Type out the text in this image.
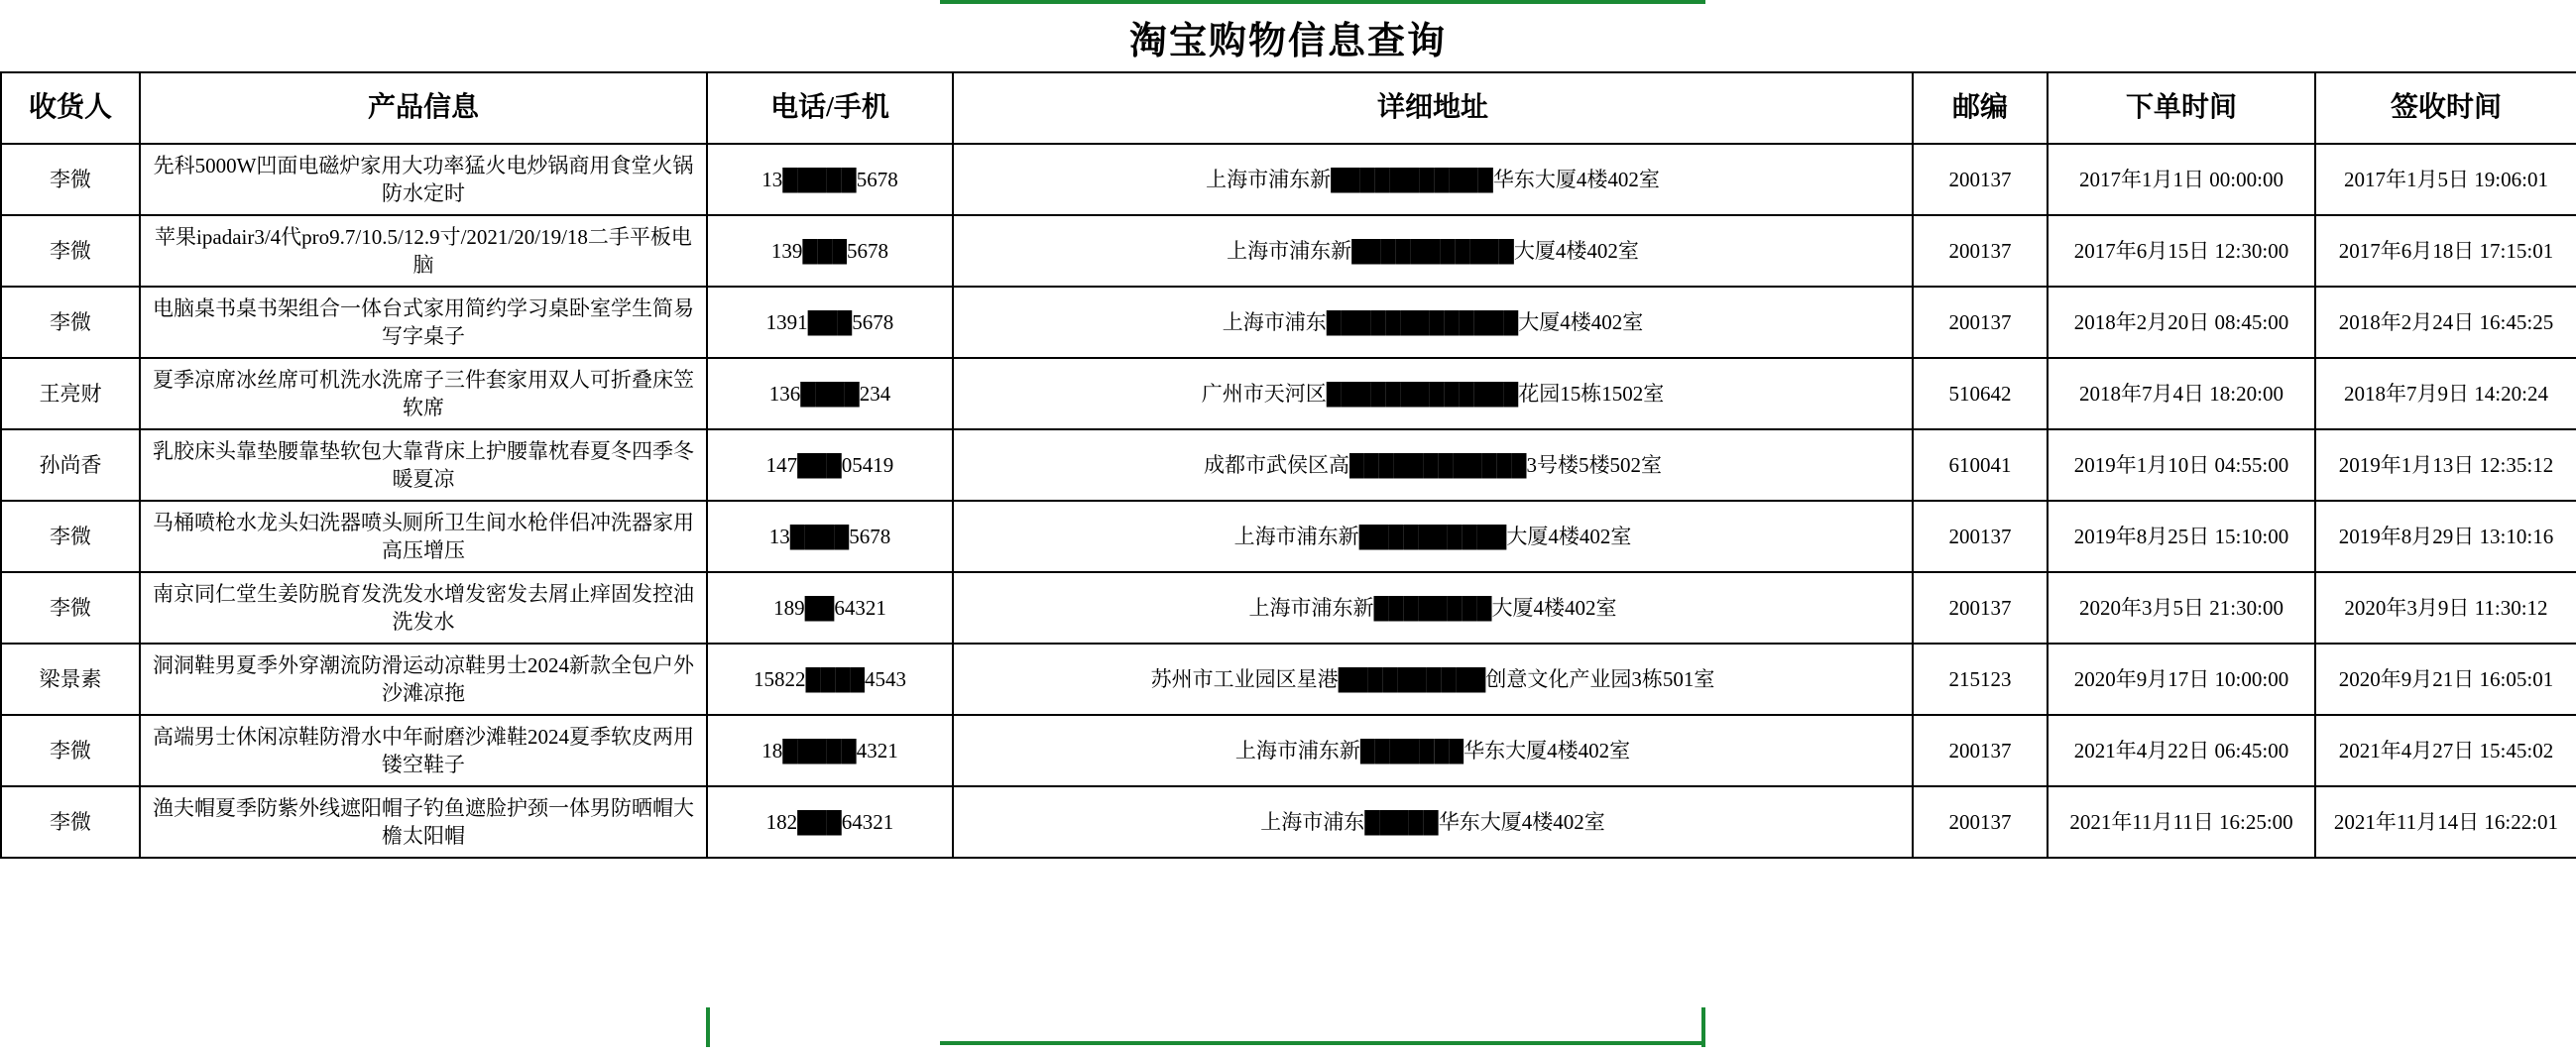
淘宝购物信息查询
收货人	产品信息	电话/手机	详细地址	邮编	下单时间	签收时间
李微	先科5000W凹面电磁炉家用大功率猛火电炒锅商用食堂火锅防水定时	13█████5678	上海市浦东新███████████华东大厦4楼402室	200137	2017年1月1日 00:00:00	2017年1月5日 19:06:01
李微	苹果ipadair3/4代pro9.7/10.5/12.9寸/2021/20/19/18二手平板电脑	139███5678	上海市浦东新███████████大厦4楼402室	200137	2017年6月15日 12:30:00	2017年6月18日 17:15:01
李微	电脑桌书桌书架组合一体台式家用简约学习桌卧室学生简易写字桌子	1391███5678	上海市浦东█████████████大厦4楼402室	200137	2018年2月20日 08:45:00	2018年2月24日 16:45:25
王亮财	夏季凉席冰丝席可机洗水洗席子三件套家用双人可折叠床笠软席	136████234	广州市天河区█████████████花园15栋1502室	510642	2018年7月4日 18:20:00	2018年7月9日 14:20:24
孙尚香	乳胶床头靠垫腰靠垫软包大靠背床上护腰靠枕春夏冬四季冬暖夏凉	147███05419	成都市武侯区高████████████3号楼5楼502室	610041	2019年1月10日 04:55:00	2019年1月13日 12:35:12
李微	马桶喷枪水龙头妇洗器喷头厕所卫生间水枪伴侣冲洗器家用高压增压	13████5678	上海市浦东新██████████大厦4楼402室	200137	2019年8月25日 15:10:00	2019年8月29日 13:10:16
李微	南京同仁堂生姜防脱育发洗发水增发密发去屑止痒固发控油洗发水	189██64321	上海市浦东新████████大厦4楼402室	200137	2020年3月5日 21:30:00	2020年3月9日 11:30:12
梁景素	洞洞鞋男夏季外穿潮流防滑运动凉鞋男士2024新款全包户外沙滩凉拖	15822████4543	苏州市工业园区星港██████████创意文化产业园3栋501室	215123	2020年9月17日 10:00:00	2020年9月21日 16:05:01
李微	高端男士休闲凉鞋防滑水中年耐磨沙滩鞋2024夏季软皮两用镂空鞋子	18█████4321	上海市浦东新███████华东大厦4楼402室	200137	2021年4月22日 06:45:00	2021年4月27日 15:45:02
李微	渔夫帽夏季防紫外线遮阳帽子钓鱼遮脸护颈一体男防晒帽大檐太阳帽	182███64321	上海市浦东█████华东大厦4楼402室	200137	2021年11月11日 16:25:00	2021年11月14日 16:22:01
